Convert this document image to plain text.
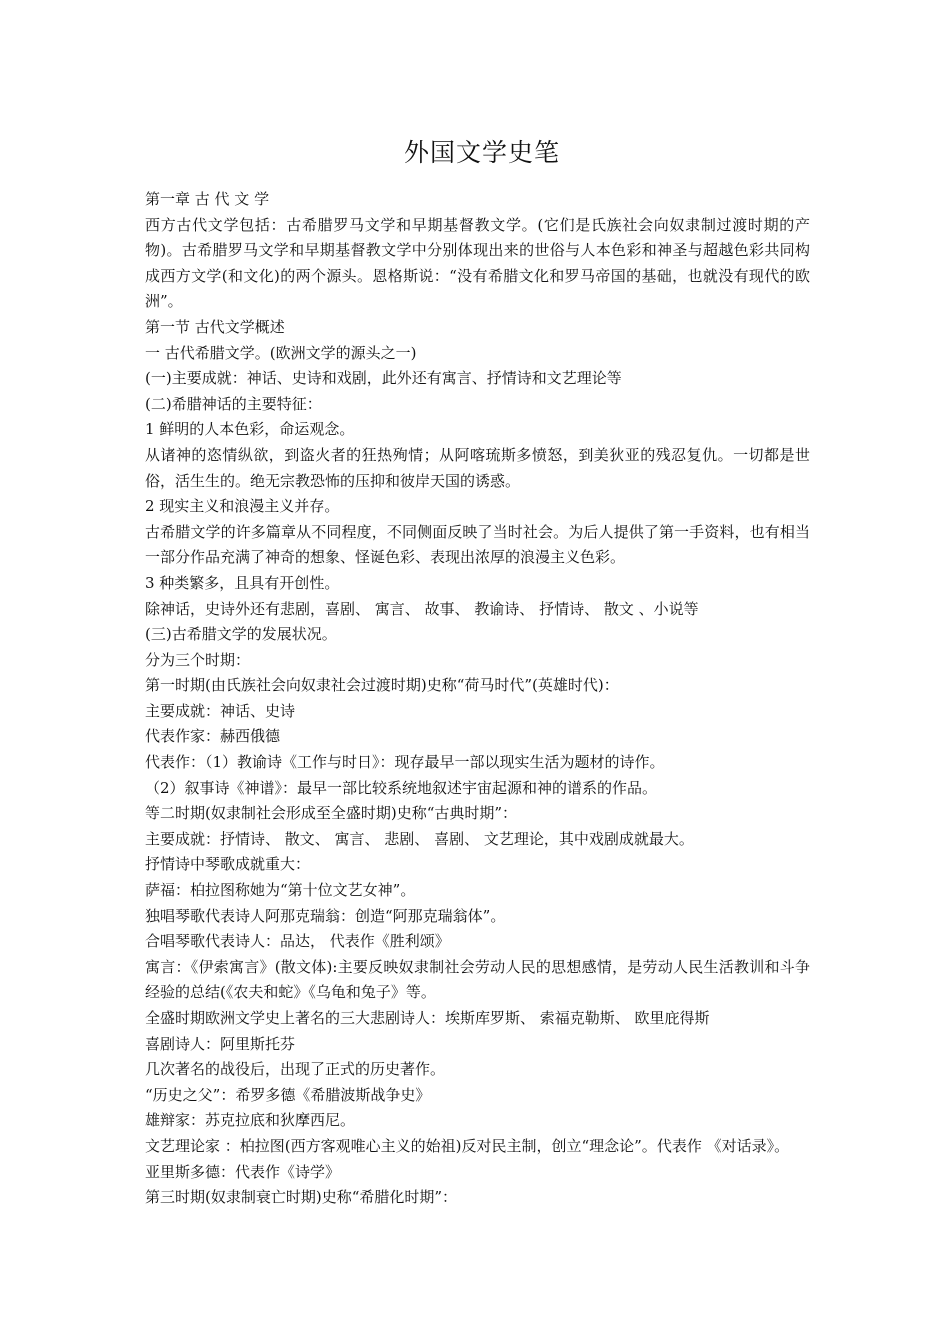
外国文学史笔

第一章 古 代 文 学

西方古代文学包括：古希腊罗马文学和早期基督教文学。(它们是氏族社会向奴隶制过渡时期的产物)。古希腊罗马文学和早期基督教文学中分别体现出来的世俗与人本色彩和神圣与超越色彩共同构成西方文学(和文化)的两个源头。恩格斯说：“没有希腊文化和罗马帝国的基础，也就没有现代的欧洲”。

第一节 古代文学概述

一 古代希腊文学。(欧洲文学的源头之一)

(一)主要成就：神话、史诗和戏剧，此外还有寓言、抒情诗和文艺理论等

(二)希腊神话的主要特征：

1 鲜明的人本色彩，命运观念。

从诸神的恣情纵欲，到盗火者的狂热殉情；从阿喀琉斯多愤怒，到美狄亚的残忍复仇。一切都是世俗，活生生的。绝无宗教恐怖的压抑和彼岸天国的诱惑。

2 现实主义和浪漫主义并存。

古希腊文学的许多篇章从不同程度，不同侧面反映了当时社会。为后人提供了第一手资料，也有相当一部分作品充满了神奇的想象、怪诞色彩、表现出浓厚的浪漫主义色彩。

3 种类繁多，且具有开创性。

除神话，史诗外还有悲剧，喜剧、 寓言、 故事、 教谕诗、 抒情诗、 散文 、小说等

(三)古希腊文学的发展状况。

分为三个时期：

第一时期(由氏族社会向奴隶社会过渡时期)史称“荷马时代”(英雄时代)：

主要成就：神话、史诗

代表作家：赫西俄德

代表作：（1）教谕诗《工作与时日》：现存最早一部以现实生活为题材的诗作。

（2）叙事诗《神谱》：最早一部比较系统地叙述宇宙起源和神的谱系的作品。

等二时期(奴隶制社会形成至全盛时期)史称“古典时期”：

主要成就：抒情诗、 散文、 寓言、 悲剧、 喜剧、 文艺理论，其中戏剧成就最大。

抒情诗中琴歌成就重大：

萨福：柏拉图称她为“第十位文艺女神”。

独唱琴歌代表诗人阿那克瑞翁：创造“阿那克瑞翁体”。

合唱琴歌代表诗人：品达， 代表作《胜利颂》

寓言：《伊索寓言》(散文体):主要反映奴隶制社会劳动人民的思想感情，是劳动人民生活教训和斗争经验的总结(《农夫和蛇》《乌龟和兔子》等。

全盛时期欧洲文学史上著名的三大悲剧诗人：埃斯库罗斯、 索福克勒斯、 欧里庇得斯

喜剧诗人：阿里斯托芬

几次著名的战役后，出现了正式的历史著作。

“历史之父”：希罗多德《希腊波斯战争史》

雄辩家：苏克拉底和狄摩西尼。

文艺理论家 ：柏拉图(西方客观唯心主义的始祖)反对民主制，创立“理念论”。代表作 《对话录》。

亚里斯多德：代表作《诗学》

第三时期(奴隶制衰亡时期)史称“希腊化时期”：
